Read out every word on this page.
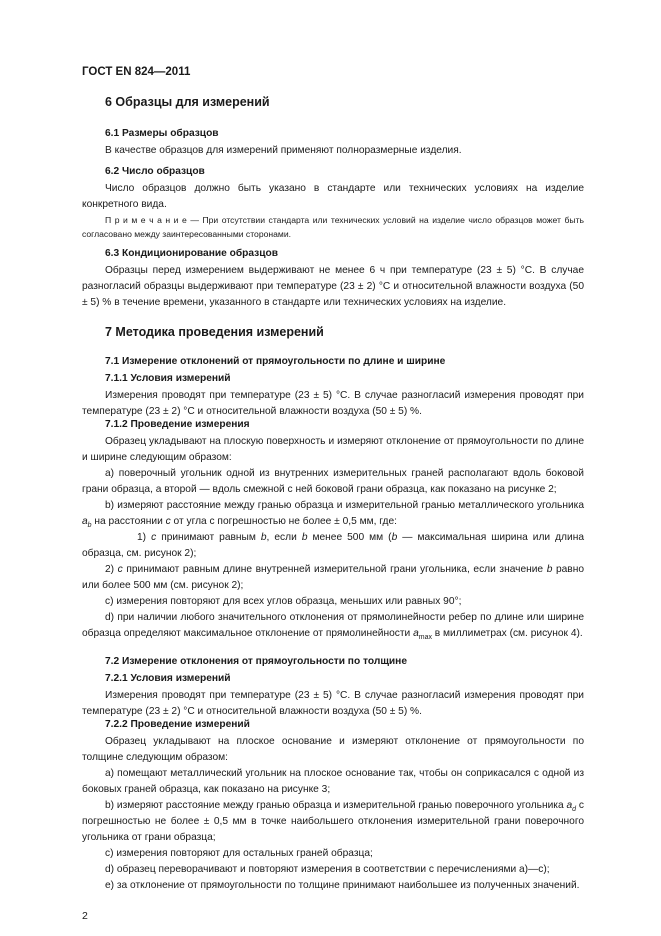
ГОСТ EN 824—2011
6 Образцы для измерений
6.1 Размеры образцов

В качестве образцов для измерений применяют полноразмерные изделия.

6.2 Число образцов

Число образцов должно быть указано в стандарте или технических условиях на изделие конкретного вида.

П р и м е ч а н и е — При отсутствии стандарта или технических условий на изделие число образцов может быть согласовано между заинтересованными сторонами.

6.3 Кондиционирование образцов

Образцы перед измерением выдерживают не менее 6 ч при температуре (23 ± 5) °С. В случае разногласий образцы выдерживают при температуре (23 ± 2) °С и относительной влажности воздуха (50 ± 5) % в течение времени, указанного в стандарте или технических условиях на изделие.

7 Методика проведения измерений
7.1 Измерение отклонений от прямоугольности по длине и ширине
7.1.1 Условия измерений

Измерения проводят при температуре (23 ± 5) °С. В случае разногласий измерения проводят при температуре (23 ± 2) °С и относительной влажности воздуха (50 ± 5) %.

7.1.2 Проведение измерения

Образец укладывают на плоскую поверхность и измеряют отклонение от прямоугольности по длине и ширине следующим образом:

а) поверочный угольник одной из внутренних измерительных граней располагают вдоль боковой грани образца, а второй — вдоль смежной с ней боковой грани образца, как показано на рисунке 2;

b) измеряют расстояние между гранью образца и измерительной гранью металлического угольника $a_b$ на расстоянии c от угла с погрешностью не более ± 0,5 мм, где:

1) c принимают равным b, если b менее 500 мм (b — максимальная ширина или длина образца, см. рисунок 2);

2) c принимают равным длине внутренней измерительной грани угольника, если значение b равно или более 500 мм (см. рисунок 2);

c) измерения повторяют для всех углов образца, меньших или равных 90°;

d) при наличии любого значительного отклонения от прямолинейности ребер по длине или ширине образца определяют максимальное отклонение от прямолинейности $a_{max}$ в миллиметрах (см. рисунок 4).

7.2 Измерение отклонения от прямоугольности по толщине
7.2.1 Условия измерений

Измерения проводят при температуре (23 ± 5) °С. В случае разногласий измерения проводят при температуре (23 ± 2) °С и относительной влажности воздуха (50 ± 5) %.

7.2.2 Проведение измерений

Образец укладывают на плоское основание и измеряют отклонение от прямоугольности по толщине следующим образом:

а) помещают металлический угольник на плоское основание так, чтобы он соприкасался с одной из боковых граней образца, как показано на рисунке 3;

b) измеряют расстояние между гранью образца и измерительной гранью поверочного угольника $a_d$ с погрешностью не более ± 0,5 мм в точке наибольшего отклонения измерительной грани поверочного угольника от грани образца;

c) измерения повторяют для остальных граней образца;

d) образец переворачивают и повторяют измерения в соответствии с перечислениями а)—c);

e) за отклонение от прямоугольности по толщине принимают наибольшее из полученных значений.

2
